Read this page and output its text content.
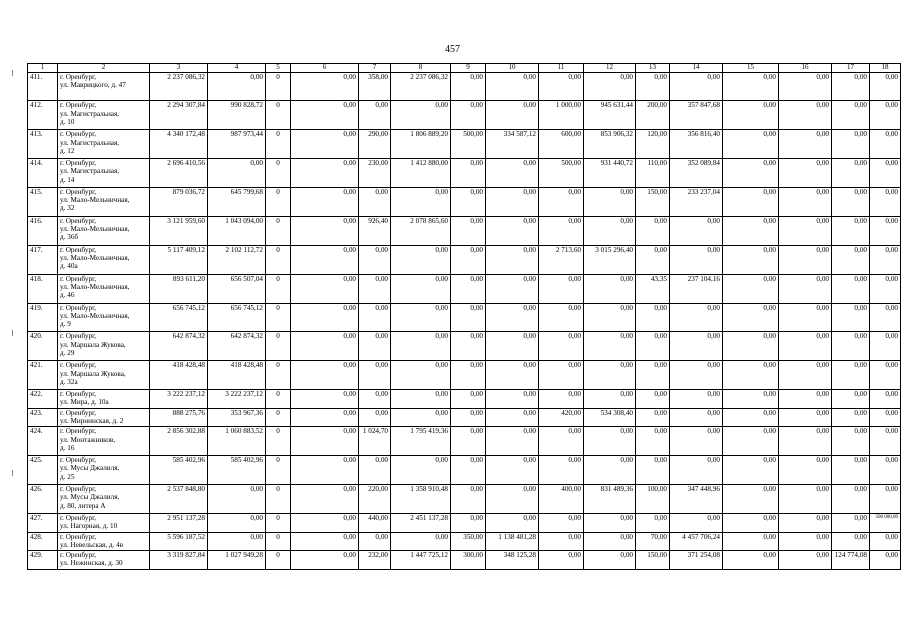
457
1	2	3	4	5	6	7	8	9	10	11	12	13	14	15	16	17	18
411.	г. Оренбург,
ул. Маврицкого, д. 47	2 237 086,32	0,00	0	0,00	358,00	2 237 086,32	0,00	0,00	0,00	0,00	0,00	0,00	0,00	0,00	0,00	0,00
412.	г. Оренбург,
ул. Магистральная,
д. 10	2 294 307,84	990 828,72	0	0,00	0,00	0,00	0,00	0,00	1 000,00	945 631,44	200,00	357 847,68	0,00	0,00	0,00	0,00
413.	г. Оренбург,
ул. Магистральная,
д. 12	4 340 172,48	987 973,44	0	0,00	290,00	1 806 889,20	500,00	334 587,12	600,00	853 906,32	120,00	356 816,40	0,00	0,00	0,00	0,00
414.	г. Оренбург,
ул. Магистральная,
д. 14	2 696 410,56	0,00	0	0,00	230,00	1 412 880,00	0,00	0,00	500,00	931 440,72	110,00	352 089,84	0,00	0,00	0,00	0,00
415.	г. Оренбург,
ул. Мало-Мельничная,
д. 32	879 036,72	645 799,68	0	0,00	0,00	0,00	0,00	0,00	0,00	0,00	150,00	233 237,04	0,00	0,00	0,00	0,00
416.	г. Оренбург,
ул. Мало-Мельничная,
д. 36б	3 121 959,60	1 043 094,00	0	0,00	926,40	2 078 865,60	0,00	0,00	0,00	0,00	0,00	0,00	0,00	0,00	0,00	0,00
417.	г. Оренбург,
ул. Мало-Мельничная,
д. 40а	5 117 409,12	2 102 112,72	0	0,00	0,00	0,00	0,00	0,00	2 713,60	3 015 296,40	0,00	0,00	0,00	0,00	0,00	0,00
418.	г. Оренбург,
ул. Мало-Мельничная,
д. 46	893 611,20	656 507,04	0	0,00	0,00	0,00	0,00	0,00	0,00	0,00	43,35	237 104,16	0,00	0,00	0,00	0,00
419.	г. Оренбург,
ул. Мало-Мельничная,
д. 9	656 745,12	656 745,12	0	0,00	0,00	0,00	0,00	0,00	0,00	0,00	0,00	0,00	0,00	0,00	0,00	0,00
420.	г. Оренбург,
ул. Маршала Жукова,
д. 29	642 874,32	642 874,32	0	0,00	0,00	0,00	0,00	0,00	0,00	0,00	0,00	0,00	0,00	0,00	0,00	0,00
421.	г. Оренбург,
ул. Маршала Жукова,
д. 32а	418 428,48	418 428,48	0	0,00	0,00	0,00	0,00	0,00	0,00	0,00	0,00	0,00	0,00	0,00	0,00	0,00
422.	г. Оренбург,
ул. Мира, д. 10а	3 222 237,12	3 222 237,12	0	0,00	0,00	0,00	0,00	0,00	0,00	0,00	0,00	0,00	0,00	0,00	0,00	0,00
423.	г. Оренбург,
ул. Мирнинская, д. 2	888 275,76	353 967,36	0	0,00	0,00	0,00	0,00	0,00	420,00	534 308,40	0,00	0,00	0,00	0,00	0,00	0,00
424.	г. Оренбург,
ул. Монтажников,
д. 16	2 856 302,88	1 060 883,52	0	0,00	1 024,70	1 795 419,36	0,00	0,00	0,00	0,00	0,00	0,00	0,00	0,00	0,00	0,00
425.	г. Оренбург,
ул. Мусы Джалиля,
д. 25	585 402,96	585 402,96	0	0,00	0,00	0,00	0,00	0,00	0,00	0,00	0,00	0,00	0,00	0,00	0,00	0,00
426.	г. Оренбург,
ул. Мусы Джалиля,
д. 80, литера А	2 537 848,80	0,00	0	0,00	220,00	1 358 910,48	0,00	0,00	400,00	831 489,36	100,00	347 448,96	0,00	0,00	0,00	0,00
427.	г. Оренбург,
ул. Нагорная, д. 10	2 951 137,28	0,00	0	0,00	440,00	2 451 137,28	0,00	0,00	0,00	0,00	0,00	0,00	0,00	0,00	0,00	500 000,00
428.	г. Оренбург,
ул. Невельская, д. 4в	5 596 187,52	0,00	0	0,00	0,00	0,00	350,00	1 138 481,28	0,00	0,00	70,00	4 457 706,24	0,00	0,00	0,00	0,00
429.	г. Оренбург,
ул. Нежинская, д. 30	3 319 827,84	1 027 949,28	0	0,00	232,00	1 447 725,12	300,00	348 125,28	0,00	0,00	150,00	371 254,08	0,00	0,00	124 774,08	0,00
